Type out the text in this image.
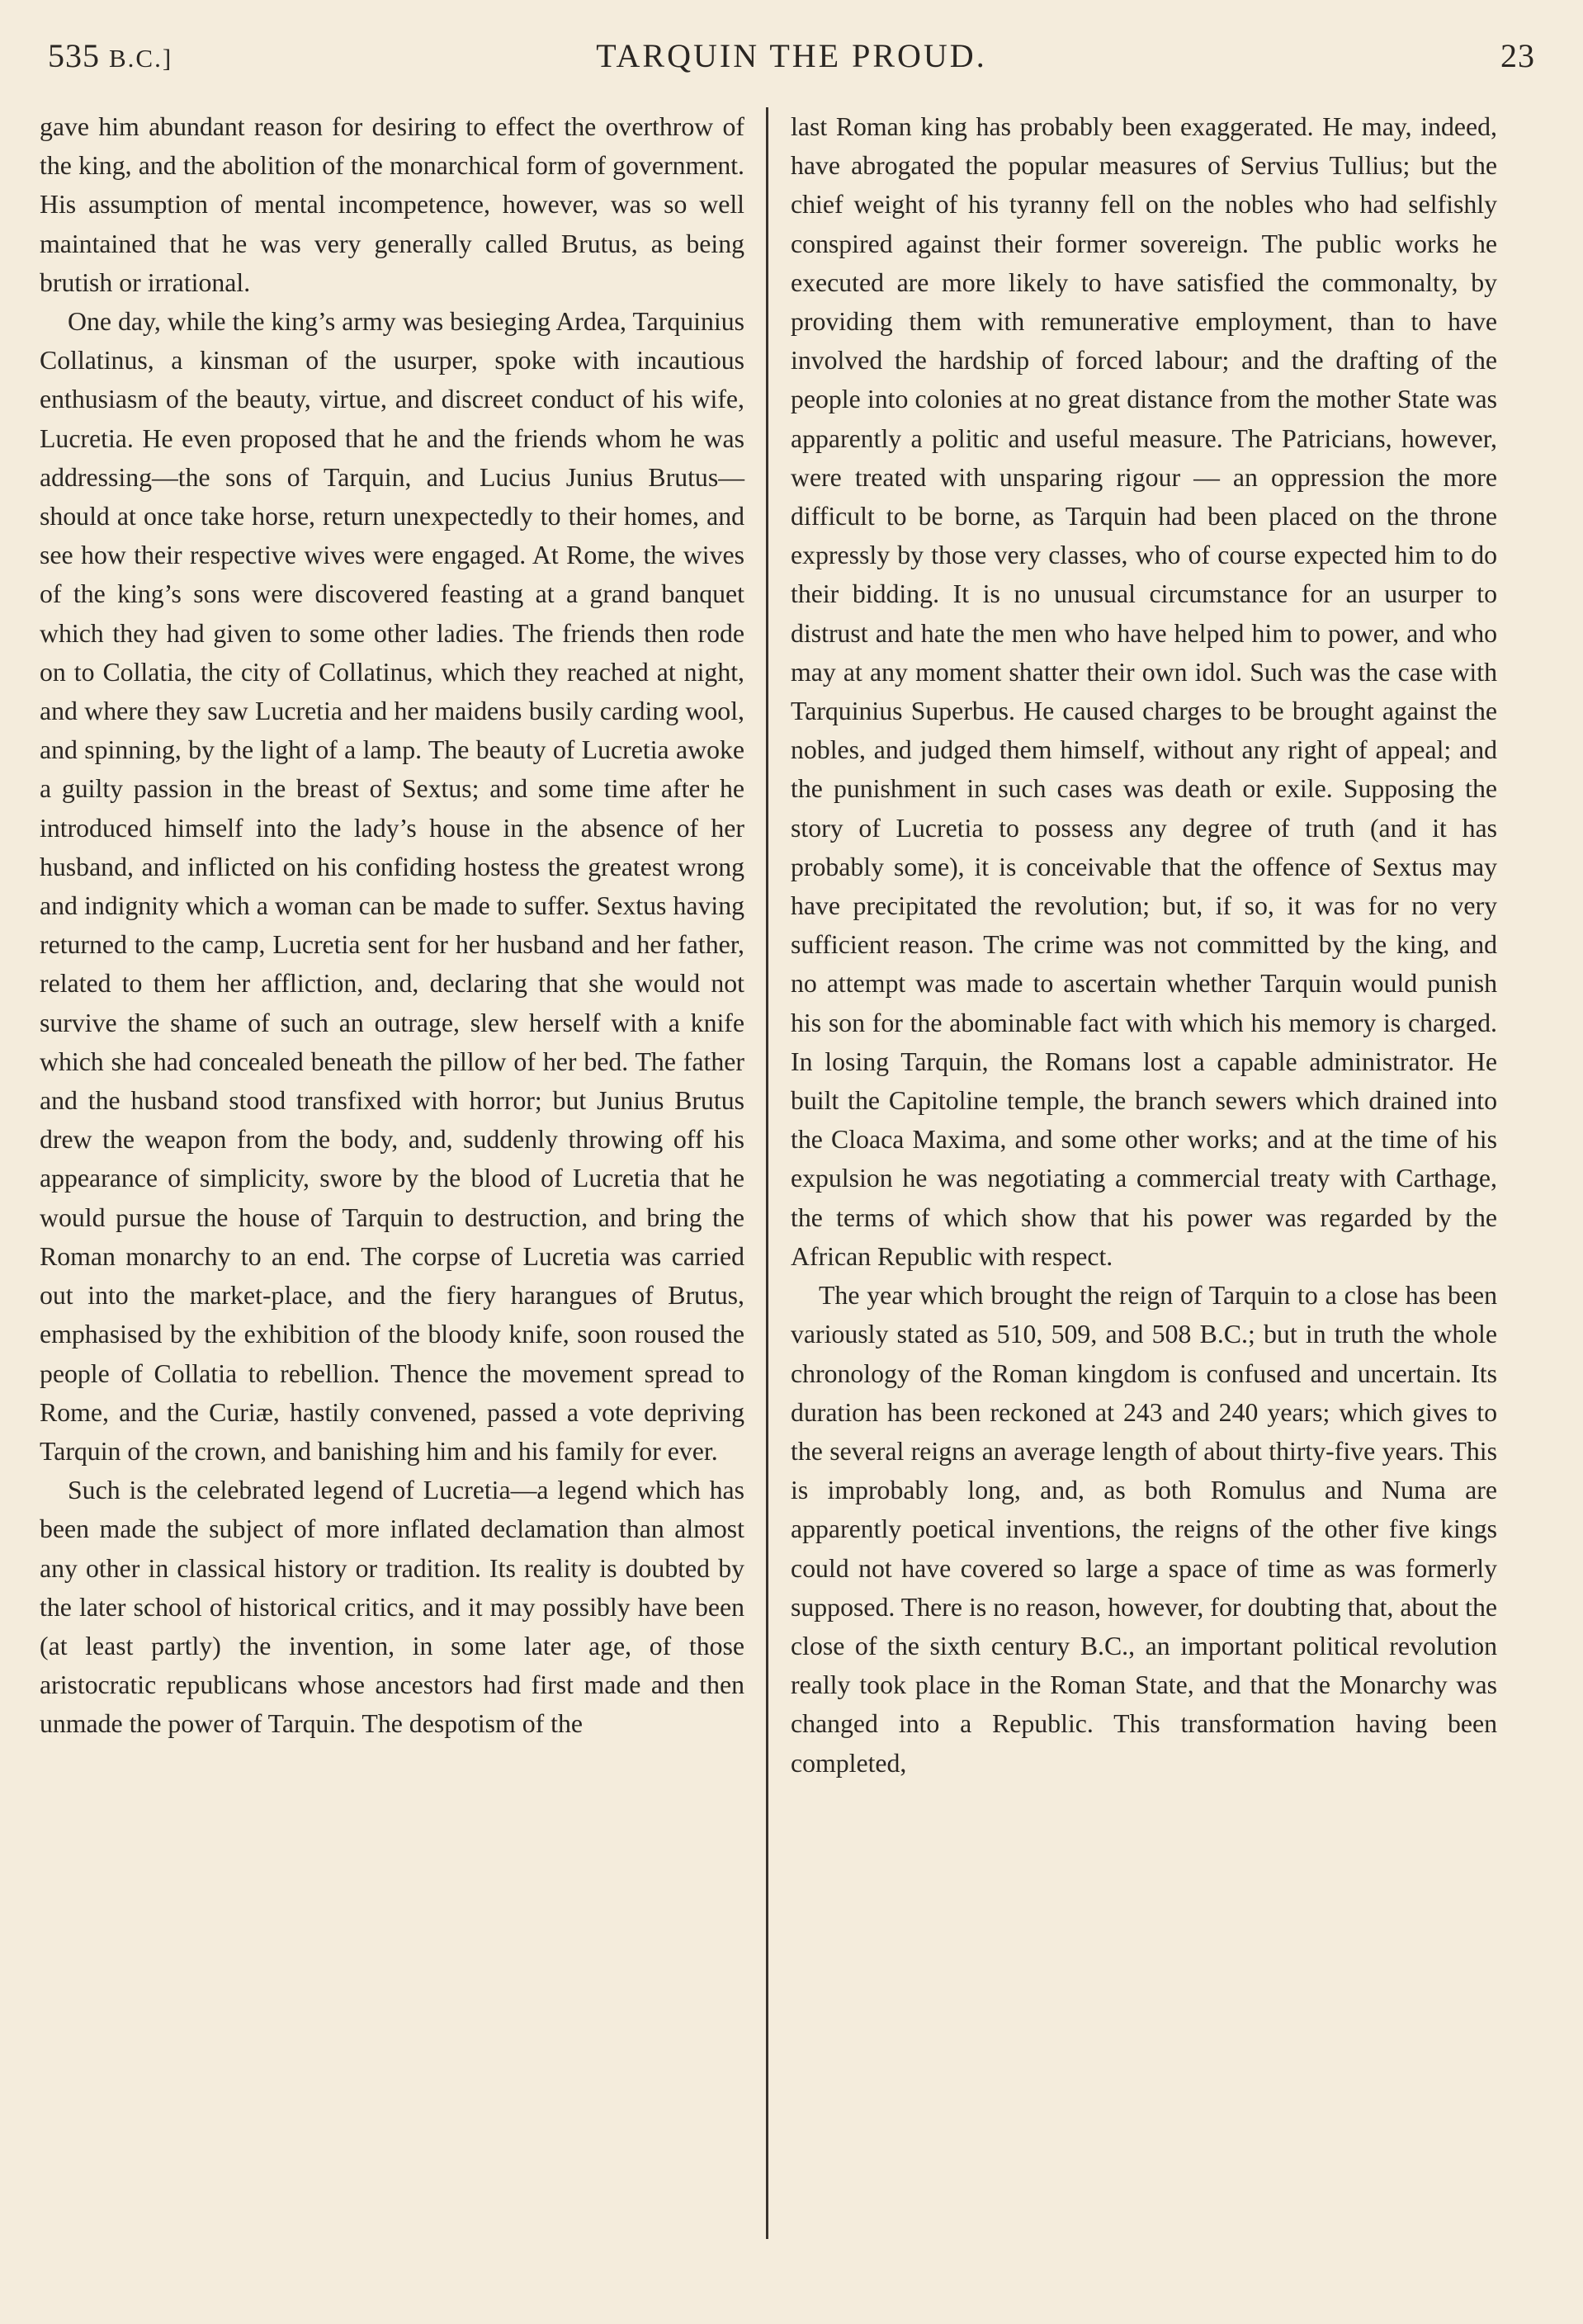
535 B.C.]	TARQUIN THE PROUD.	23

gave him abundant reason for desiring to effect the overthrow of the king, and the abolition of the monarchical form of government. His assumption of mental incompetence, however, was so well maintained that he was very generally called Brutus, as being brutish or irrational.

One day, while the king’s army was besieging Ardea, Tarquinius Collatinus, a kinsman of the usurper, spoke with incautious enthusiasm of the beauty, virtue, and discreet conduct of his wife, Lucretia. He even proposed that he and the friends whom he was addressing—the sons of Tarquin, and Lucius Junius Brutus—should at once take horse, return unexpectedly to their homes, and see how their respective wives were engaged. At Rome, the wives of the king’s sons were discovered feasting at a grand banquet which they had given to some other ladies. The friends then rode on to Collatia, the city of Collatinus, which they reached at night, and where they saw Lucretia and her maidens busily carding wool, and spinning, by the light of a lamp. The beauty of Lucretia awoke a guilty passion in the breast of Sextus; and some time after he introduced himself into the lady’s house in the absence of her husband, and inflicted on his confiding hostess the greatest wrong and indignity which a woman can be made to suffer. Sextus having returned to the camp, Lucretia sent for her husband and her father, related to them her affliction, and, declaring that she would not survive the shame of such an outrage, slew herself with a knife which she had concealed beneath the pillow of her bed. The father and the husband stood transfixed with horror; but Junius Brutus drew the weapon from the body, and, suddenly throwing off his appearance of simplicity, swore by the blood of Lucretia that he would pursue the house of Tarquin to destruction, and bring the Roman monarchy to an end. The corpse of Lucretia was carried out into the market-place, and the fiery harangues of Brutus, emphasised by the exhibition of the bloody knife, soon roused the people of Collatia to rebellion. Thence the movement spread to Rome, and the Curiæ, hastily convened, passed a vote depriving Tarquin of the crown, and banishing him and his family for ever.

Such is the celebrated legend of Lucretia—a legend which has been made the subject of more inflated declamation than almost any other in classical history or tradition. Its reality is doubted by the later school of historical critics, and it may possibly have been (at least partly) the invention, in some later age, of those aristocratic republicans whose ancestors had first made and then unmade the power of Tarquin. The despotism of the

last Roman king has probably been exaggerated. He may, indeed, have abrogated the popular measures of Servius Tullius; but the chief weight of his tyranny fell on the nobles who had selfishly conspired against their former sovereign. The public works he executed are more likely to have satisfied the commonalty, by providing them with remunerative employment, than to have involved the hardship of forced labour; and the drafting of the people into colonies at no great distance from the mother State was apparently a politic and useful measure. The Patricians, however, were treated with unsparing rigour — an oppression the more difficult to be borne, as Tarquin had been placed on the throne expressly by those very classes, who of course expected him to do their bidding. It is no unusual circumstance for an usurper to distrust and hate the men who have helped him to power, and who may at any moment shatter their own idol. Such was the case with Tarquinius Superbus. He caused charges to be brought against the nobles, and judged them himself, without any right of appeal; and the punishment in such cases was death or exile. Supposing the story of Lucretia to possess any degree of truth (and it has probably some), it is conceivable that the offence of Sextus may have precipitated the revolution; but, if so, it was for no very sufficient reason. The crime was not committed by the king, and no attempt was made to ascertain whether Tarquin would punish his son for the abominable fact with which his memory is charged. In losing Tarquin, the Romans lost a capable administrator. He built the Capitoline temple, the branch sewers which drained into the Cloaca Maxima, and some other works; and at the time of his expulsion he was negotiating a commercial treaty with Carthage, the terms of which show that his power was regarded by the African Republic with respect.

The year which brought the reign of Tarquin to a close has been variously stated as 510, 509, and 508 B.C.; but in truth the whole chronology of the Roman kingdom is confused and uncertain. Its duration has been reckoned at 243 and 240 years; which gives to the several reigns an average length of about thirty-five years. This is improbably long, and, as both Romulus and Numa are apparently poetical inventions, the reigns of the other five kings could not have covered so large a space of time as was formerly supposed. There is no reason, however, for doubting that, about the close of the sixth century B.C., an important political revolution really took place in the Roman State, and that the Monarchy was changed into a Republic. This transformation having been completed,
